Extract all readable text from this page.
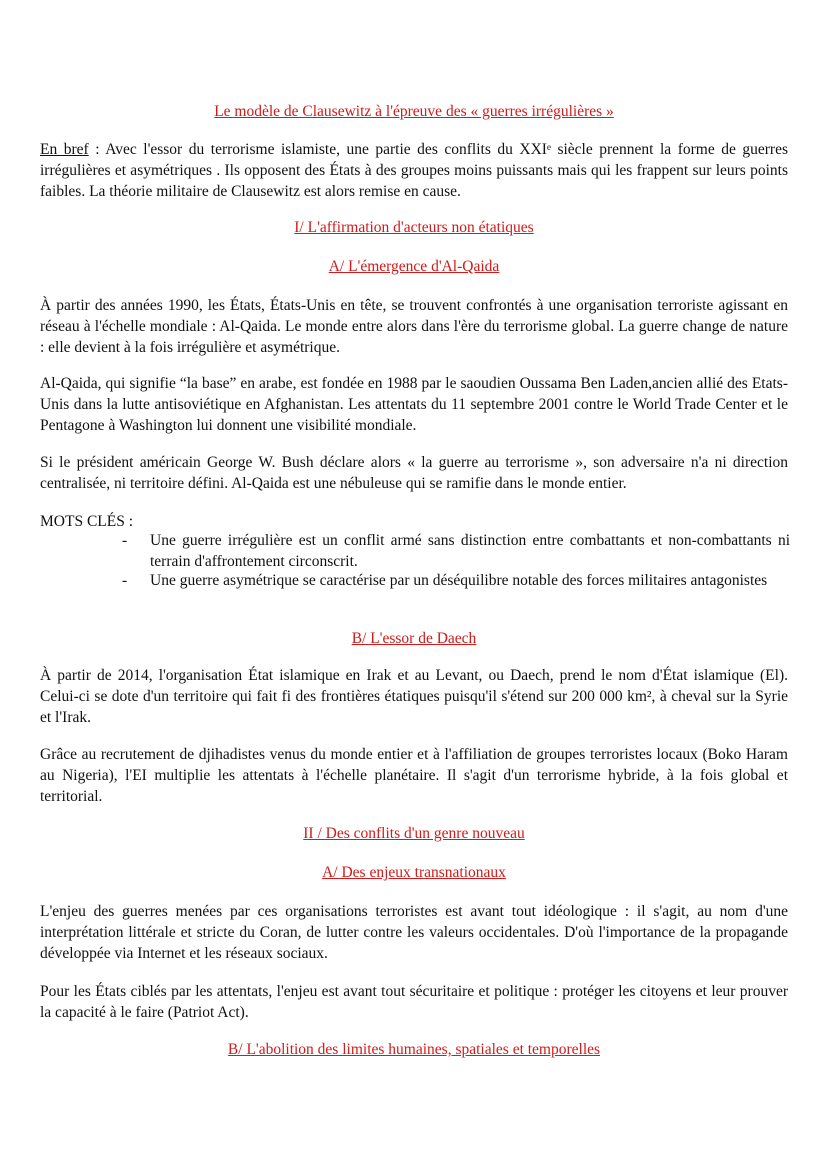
Le modèle de Clausewitz à l'épreuve des « guerres irrégulières »

En bref : Avec l'essor du terrorisme islamiste, une partie des conflits du XXIᵉ siècle prennent la forme de guerres irrégulières et asymétriques . Ils opposent des États à des groupes moins puissants mais qui les frappent sur leurs points faibles. La théorie militaire de Clausewitz est alors remise en cause.

I/ L'affirmation d'acteurs non étatiques
A/ L'émergence d'Al-Qaida

À partir des années 1990, les États, États-Unis en tête, se trouvent confrontés à une organisation terroriste agissant en réseau à l'échelle mondiale : Al-Qaida. Le monde entre alors dans l'ère du terrorisme global. La guerre change de nature : elle devient à la fois irrégulière et asymétrique.

Al-Qaida, qui signifie “la base” en arabe, est fondée en 1988 par le saoudien Oussama Ben Laden,ancien allié des Etats-Unis dans la lutte antisoviétique en Afghanistan. Les attentats du 11 septembre 2001 contre le World Trade Center et le Pentagone à Washington lui donnent une visibilité mondiale.

Si le président américain George W. Bush déclare alors « la guerre au terrorisme », son adversaire n'a ni direction centralisée, ni territoire défini. Al-Qaida est une nébuleuse qui se ramifie dans le monde entier.

MOTS CLÉS :

-	Une guerre irrégulière est un conflit armé sans distinction entre combattants et non-combattants ni terrain d'affrontement circonscrit.
-	Une guerre asymétrique se caractérise par un déséquilibre notable des forces militaires antagonistes
B/ L'essor de Daech

À partir de 2014, l'organisation État islamique en Irak et au Levant, ou Daech, prend le nom d'État islamique (El). Celui-ci se dote d'un territoire qui fait fi des frontières étatiques puisqu'il s'étend sur 200 000 km², à cheval sur la Syrie et l'Irak.

Grâce au recrutement de djihadistes venus du monde entier et à l'affiliation de groupes terroristes locaux (Boko Haram au Nigeria), l'EI multiplie les attentats à l'échelle planétaire. Il s'agit d'un terrorisme hybride, à la fois global et territorial.

II / Des conflits d'un genre nouveau
A/ Des enjeux transnationaux

L'enjeu des guerres menées par ces organisations terroristes est avant tout idéologique : il s'agit, au nom d'une interprétation littérale et stricte du Coran, de lutter contre les valeurs occidentales. D'où l'importance de la propagande développée via Internet et les réseaux sociaux.

Pour les États ciblés par les attentats, l'enjeu est avant tout sécuritaire et politique : protéger les citoyens et leur prouver la capacité à le faire (Patriot Act).

B/ L'abolition des limites humaines, spatiales et temporelles
